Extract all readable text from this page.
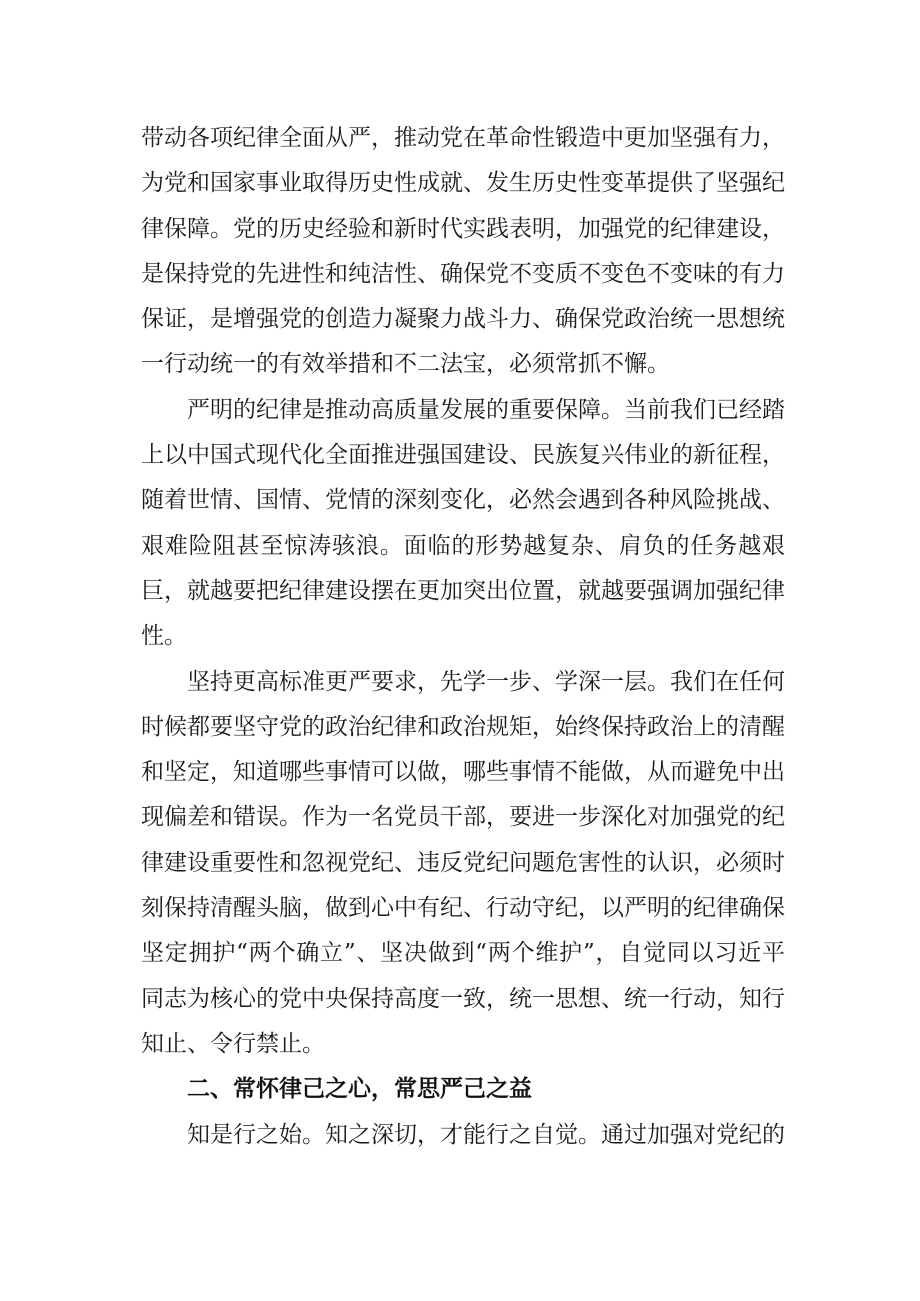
带动各项纪律全面从严，推动党在革命性锻造中更加坚强有力，为党和国家事业取得历史性成就、发生历史性变革提供了坚强纪律保障。党的历史经验和新时代实践表明，加强党的纪律建设，是保持党的先进性和纯洁性、确保党不变质不变色不变味的有力保证，是增强党的创造力凝聚力战斗力、确保党政治统一思想统一行动统一的有效举措和不二法宝，必须常抓不懈。

严明的纪律是推动高质量发展的重要保障。当前我们已经踏上以中国式现代化全面推进强国建设、民族复兴伟业的新征程，随着世情、国情、党情的深刻变化，必然会遇到各种风险挑战、艰难险阻甚至惊涛骇浪。面临的形势越复杂、肩负的任务越艰巨，就越要把纪律建设摆在更加突出位置，就越要强调加强纪律性。

坚持更高标准更严要求，先学一步、学深一层。我们在任何时候都要坚守党的政治纪律和政治规矩，始终保持政治上的清醒和坚定，知道哪些事情可以做，哪些事情不能做，从而避免中出现偏差和错误。作为一名党员干部，要进一步深化对加强党的纪律建设重要性和忽视党纪、违反党纪问题危害性的认识，必须时刻保持清醒头脑，做到心中有纪、行动守纪，以严明的纪律确保坚定拥护“两个确立”、坚决做到“两个维护”，自觉同以习近平同志为核心的党中央保持高度一致，统一思想、统一行动，知行知止、令行禁止。

二、常怀律己之心，常思严己之益

知是行之始。知之深切，才能行之自觉。通过加强对党纪的
